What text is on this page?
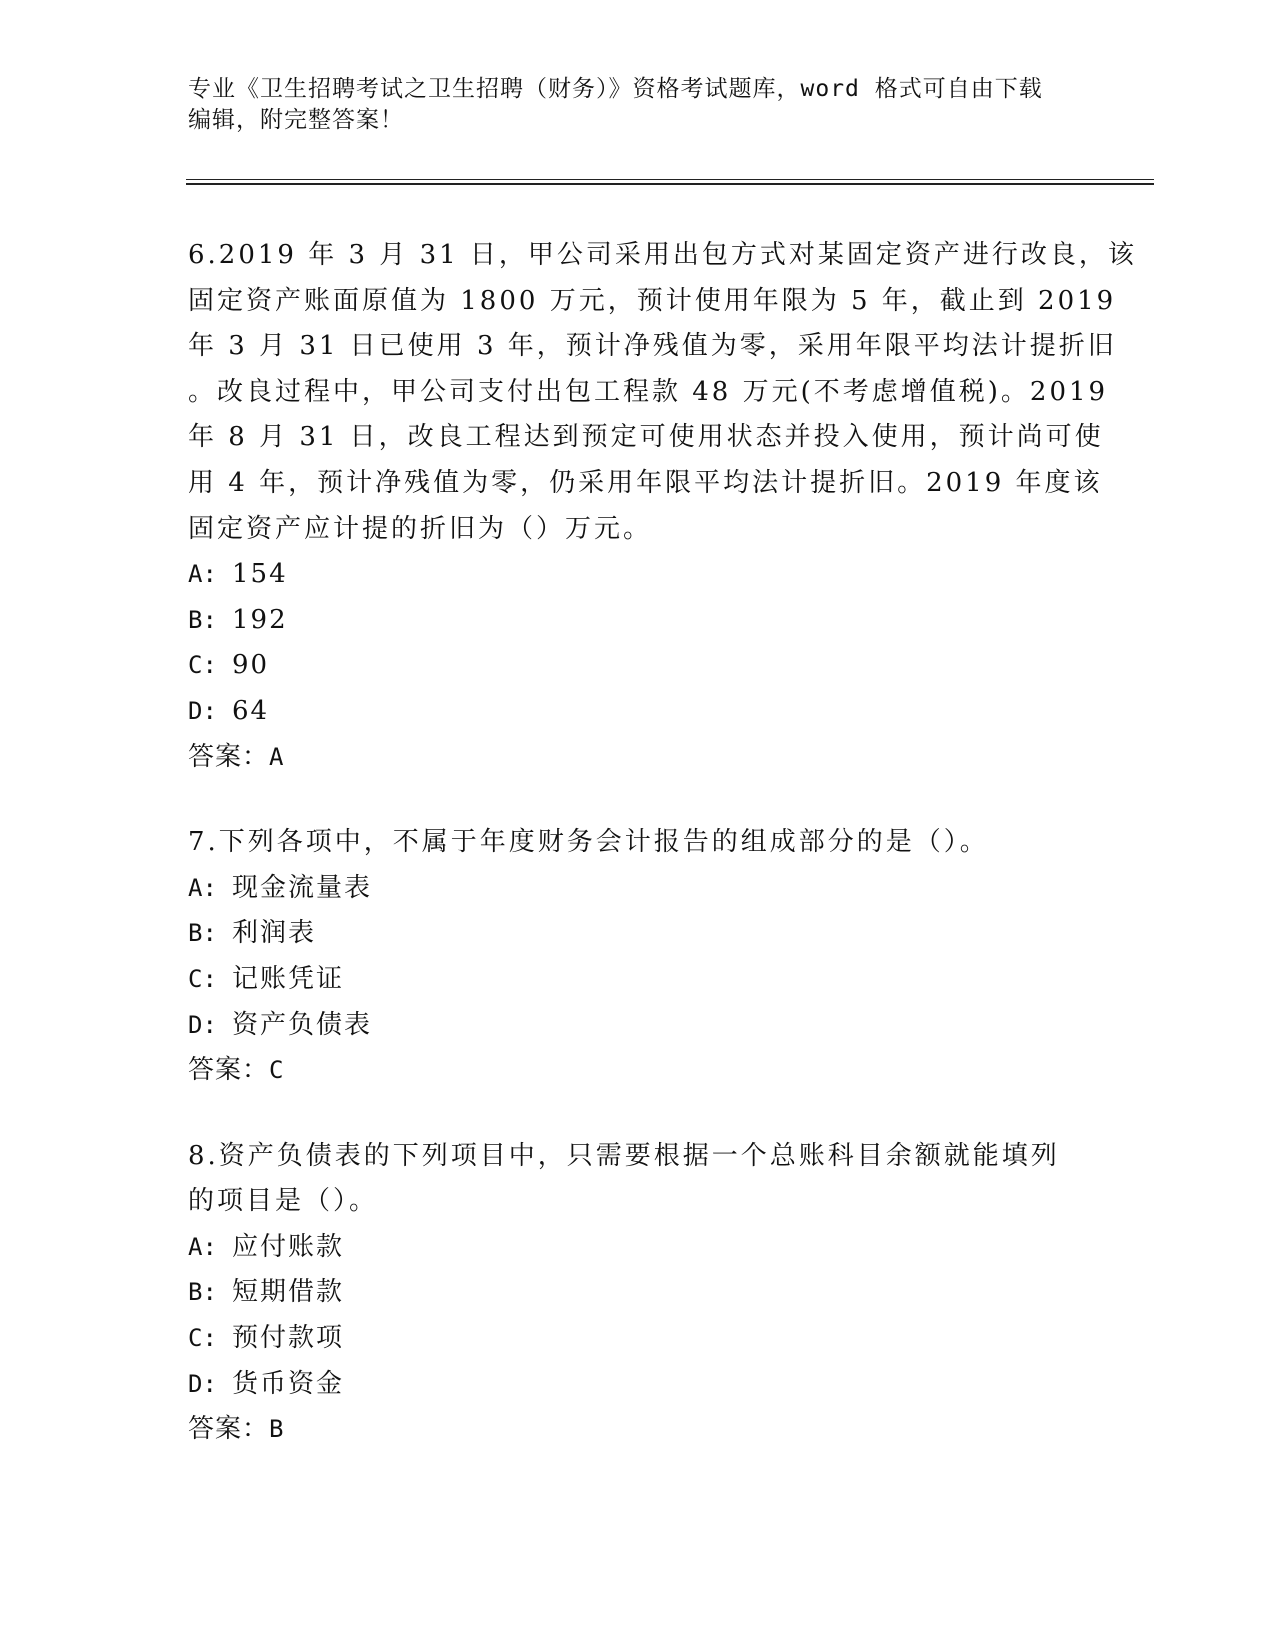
专业《卫生招聘考试之卫生招聘（财务）》资格考试题库，word 格式可自由下载
编辑，附完整答案！
6.2019 年 3 月 31 日，甲公司采用出包方式对某固定资产进行改良，该
固定资产账面原值为 1800 万元，预计使用年限为 5 年，截止到 2019
年 3 月 31 日已使用 3 年，预计净残值为零，采用年限平均法计提折旧
。改良过程中，甲公司支付出包工程款 48 万元(不考虑增值税)。2019
年 8 月 31 日，改良工程达到预定可使用状态并投入使用，预计尚可使
用 4 年，预计净残值为零，仍采用年限平均法计提折旧。2019 年度该
固定资产应计提的折旧为（）万元。
A: 154
B: 192
C: 90
D: 64
答案：A
7.下列各项中，不属于年度财务会计报告的组成部分的是（）。
A: 现金流量表
B: 利润表
C: 记账凭证
D: 资产负债表
答案：C
8.资产负债表的下列项目中，只需要根据一个总账科目余额就能填列
的项目是（）。
A: 应付账款
B: 短期借款
C: 预付款项
D: 货币资金
答案：B
